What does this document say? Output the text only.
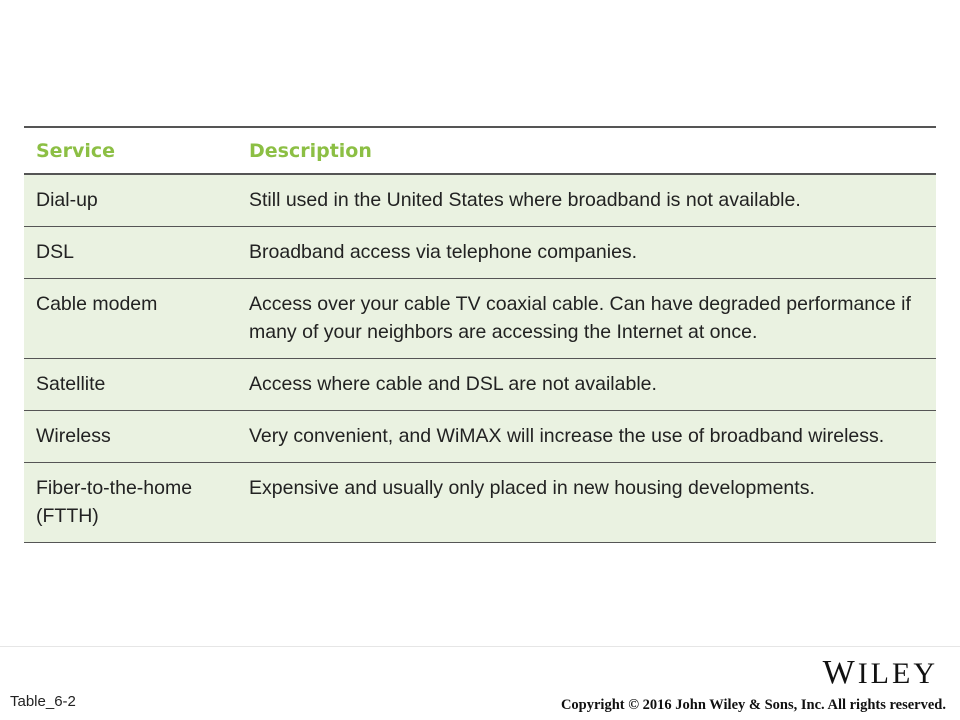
Service	Description
Dial-up	Still used in the United States where broadband is not available.
DSL	Broadband access via telephone companies.
Cable modem	Access over your cable TV coaxial cable. Can have degraded performance if many of your neighbors are accessing the Internet at once.
Satellite	Access where cable and DSL are not available.
Wireless	Very convenient, and WiMAX will increase the use of broadband wireless.
Fiber-to-the-home (FTTH)	Expensive and usually only placed in new housing developments.
Table_6-2
WILEY
Copyright © 2016 John Wiley & Sons, Inc. All rights reserved.
